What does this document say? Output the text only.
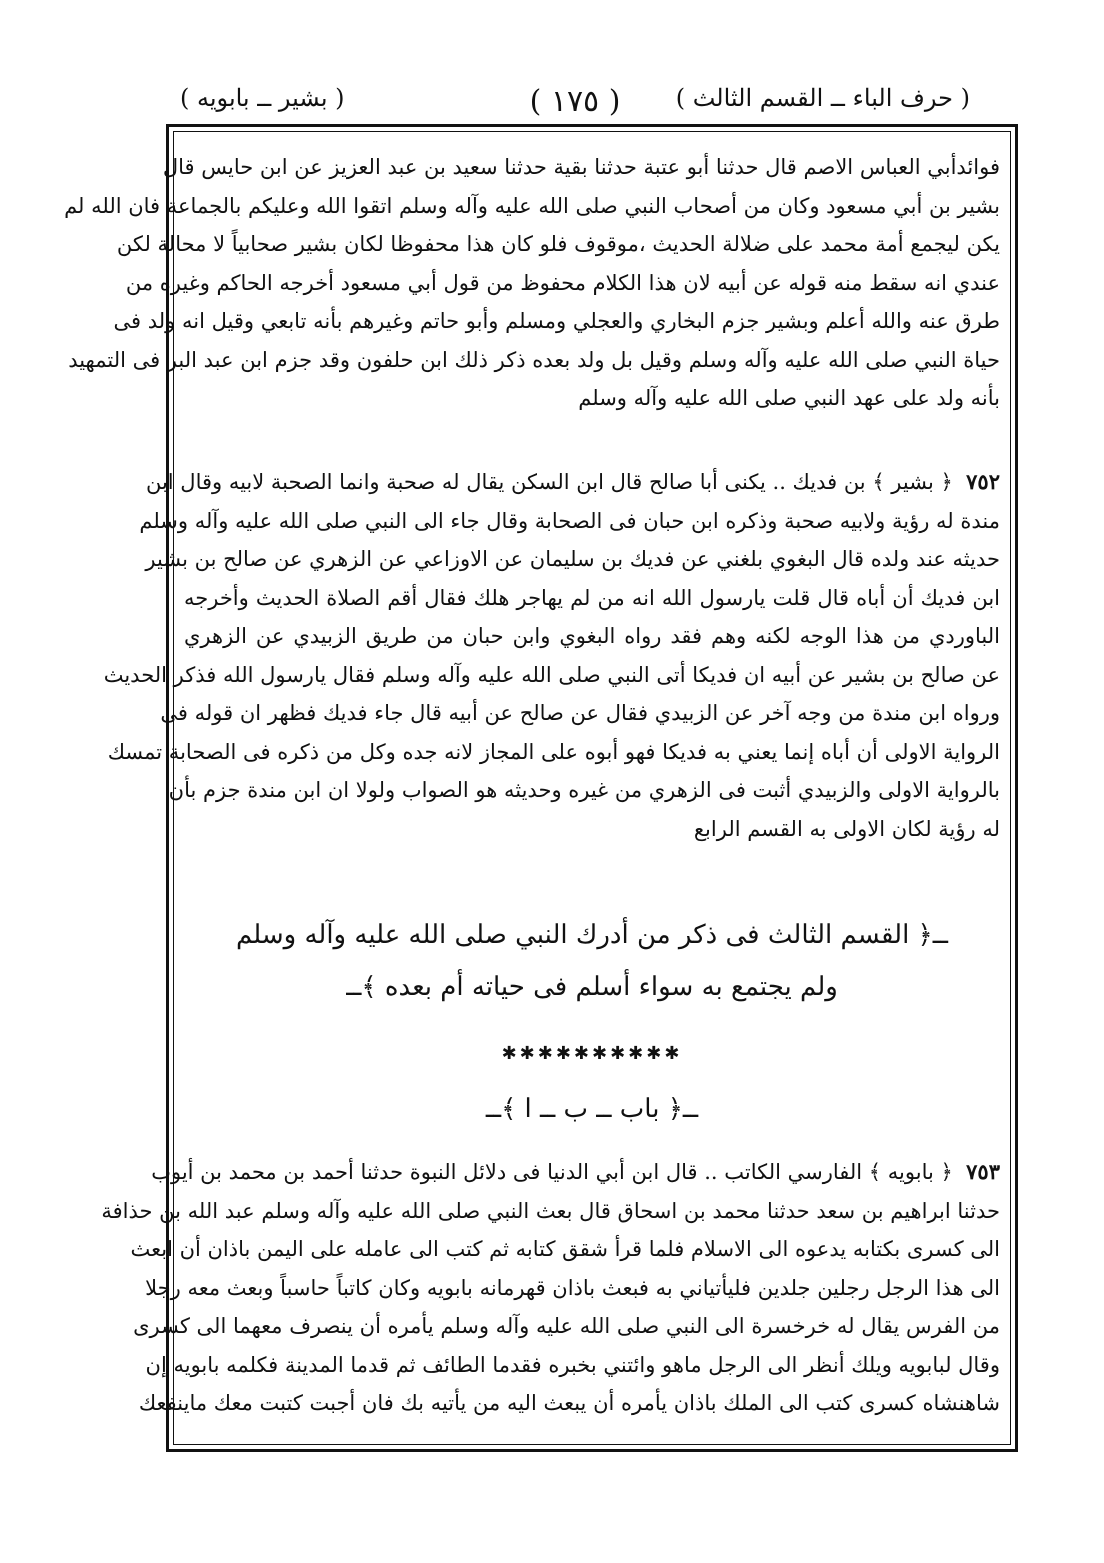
( حرف الباء ــ القسم الثالث )
( ١٧٥ )
( بشير ــ بابويه )
فوائدأبي العباس الاصم قال حدثنا أبو عتبة حدثنا بقية حدثنا سعيد بن عبد العزيز عن ابن حايس قال
بشير بن أبي مسعود وكان من أصحاب النبي صلى الله عليه وآله وسلم اتقوا الله وعليكم بالجماعة فان الله لم
يكن ليجمع أمة محمد على ضلالة الحديث ،موقوف فلو كان هذا محفوظا لكان بشير صحابياً لا محالة لكن
عندي انه سقط منه قوله عن أبيه لان هذا الكلام محفوظ من قول أبي مسعود أخرجه الحاكم وغيره من
طرق عنه والله أعلم وبشير جزم البخاري والعجلي ومسلم وأبو حاتم وغيرهم بأنه تابعي وقيل انه ولد فى
حياة النبي صلى الله عليه وآله وسلم وقيل بل ولد بعده ذكر ذلك ابن حلفون وقد جزم ابن عبد البر فى التمهيد
بأنه ولد على عهد النبي صلى الله عليه وآله وسلم
٧٥٢  ﴿ بشير ﴾ بن فديك .. يكنى أبا صالح قال ابن السكن يقال له صحبة وانما الصحبة لابيه وقال ابن
مندة له رؤية ولابيه صحبة وذكره ابن حبان فى الصحابة وقال جاء الى النبي صلى الله عليه وآله وسلم
حديثه عند ولده قال البغوي بلغني عن فديك بن سليمان عن الاوزاعي عن الزهري عن صالح بن بشير
ابن فديك أن أباه قال قلت يارسول الله انه من لم يهاجر هلك فقال أقم الصلاة الحديث وأخرجه
الباوردي من هذا الوجه لكنه وهم فقد رواه البغوي وابن حبان من طريق الزبيدي عن الزهري
عن صالح بن بشير عن أبيه ان فديكا أتى النبي صلى الله عليه وآله وسلم فقال يارسول الله فذكر الحديث
ورواه ابن مندة من وجه آخر عن الزبيدي فقال عن صالح عن أبيه قال جاء فديك فظهر ان قوله فى
الرواية الاولى أن أباه إنما يعني به فديكا فهو أبوه على المجاز لانه جده وكل من ذكره فى الصحابة تمسك
بالرواية الاولى والزبيدي أثبت فى الزهري من غيره وحديثه هو الصواب ولولا ان ابن مندة جزم بأن
له رؤية لكان الاولى به القسم الرابع
ــ﴿ القسم الثالث فى ذكر من أدرك النبي صلى الله عليه وآله وسلم
ولم يجتمع به سواء أسلم فى حياته أم بعده ﴾ــ
✱✱✱✱✱✱✱✱✱✱
ــ﴿ باب ــ ب ــ ا ﴾ــ
٧٥٣  ﴿ بابويه ﴾ الفارسي الكاتب .. قال ابن أبي الدنيا فى دلائل النبوة حدثنا أحمد بن محمد بن أيوب
حدثنا ابراهيم بن سعد حدثنا محمد بن اسحاق قال بعث النبي صلى الله عليه وآله وسلم عبد الله بن حذافة
الى كسرى بكتابه يدعوه الى الاسلام فلما قرأ شقق كتابه ثم كتب الى عامله على اليمن باذان أن ابعث
الى هذا الرجل رجلين جلدين فليأتياني به فبعث باذان قهرمانه بابويه وكان كاتباً حاسباً وبعث معه رجلا
من الفرس يقال له خرخسرة الى النبي صلى الله عليه وآله وسلم يأمره أن ينصرف معهما الى كسرى
وقال لبابويه ويلك أنظر الى الرجل ماهو وائتني بخبره فقدما الطائف ثم قدما المدينة فكلمه بابويه إن
شاهنشاه كسرى كتب الى الملك باذان يأمره أن يبعث اليه من يأتيه بك فان أجبت كتبت معك ماينفعك
